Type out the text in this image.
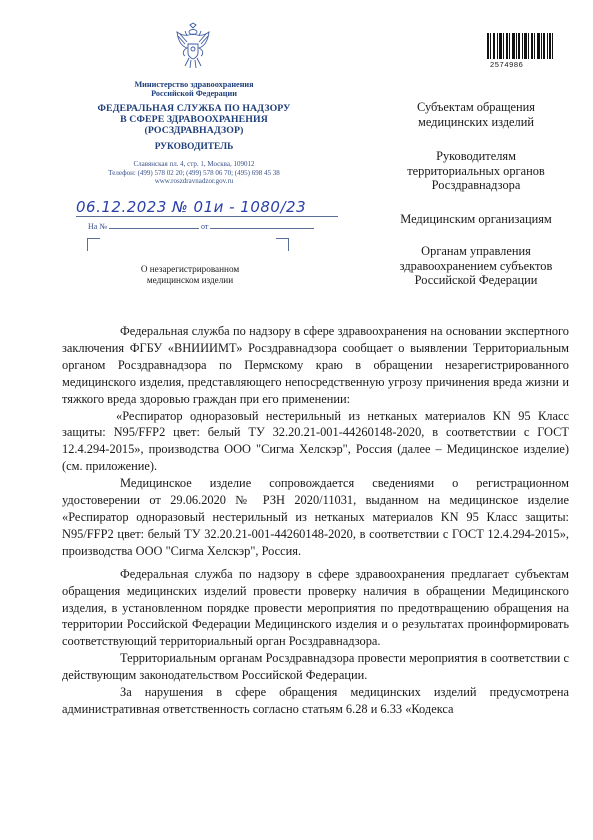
Министерство здравоохранения
Российской Федерации
ФЕДЕРАЛЬНАЯ СЛУЖБА ПО НАДЗОРУ
В СФЕРЕ ЗДРАВООХРАНЕНИЯ
(РОСЗДРАВНАДЗОР)
РУКОВОДИТЕЛЬ
Славянская пл. 4, стр. 1, Москва, 109012
Телефон: (499) 578 02 20; (499) 578 06 70; (495) 698 45 38
www.roszdravnadzor.gov.ru
06.12.2023 № 01и - 1080/23
На №	от
О незарегистрированном
медицинском изделии
2574986
Субъектам обращения
медицинских изделий
Руководителям
территориальных органов
Росздравнадзора
Медицинским организациям
Органам управления
здравоохранением субъектов
Российской Федерации

Федеральная служба по надзору в сфере здравоохранения на основании экспертного заключения ФГБУ «ВНИИИМТ» Росздравнадзора сообщает о выявлении Территориальным органом Росздравнадзора по Пермскому краю в обращении незарегистрированного медицинского изделия, представляющего непосредственную угрозу причинения вреда жизни и тяжкого вреда здоровью граждан при его применении:

«Респиратор одноразовый нестерильный из нетканых материалов KN 95 Класс защиты: N95/FFP2 цвет: белый ТУ 32.20.21-001-44260148-2020, в соответствии с ГОСТ 12.4.294-2015», производства ООО "Сигма Хелскэр", Россия (далее – Медицинское изделие) (см. приложение).

Медицинское изделие сопровождается сведениями о регистрационном удостоверении от 29.06.2020 № РЗН 2020/11031, выданном на медицинское изделие «Респиратор одноразовый нестерильный из нетканых материалов KN 95 Класс защиты: N95/FFP2 цвет: белый ТУ 32.20.21-001-44260148-2020, в соответствии с ГОСТ 12.4.294-2015», производства ООО "Сигма Хелскэр", Россия.

Федеральная служба по надзору в сфере здравоохранения предлагает субъектам обращения медицинских изделий провести проверку наличия в обращении Медицинского изделия, в установленном порядке провести мероприятия по предотвращению обращения на территории Российской Федерации Медицинского изделия и о результатах проинформировать соответствующий территориальный орган Росздравнадзора.

Территориальным органам Росздравнадзора провести мероприятия в соответствии с действующим законодательством Российской Федерации.

За нарушения в сфере обращения медицинских изделий предусмотрена административная ответственность согласно статьям 6.28 и 6.33 «Кодекса
